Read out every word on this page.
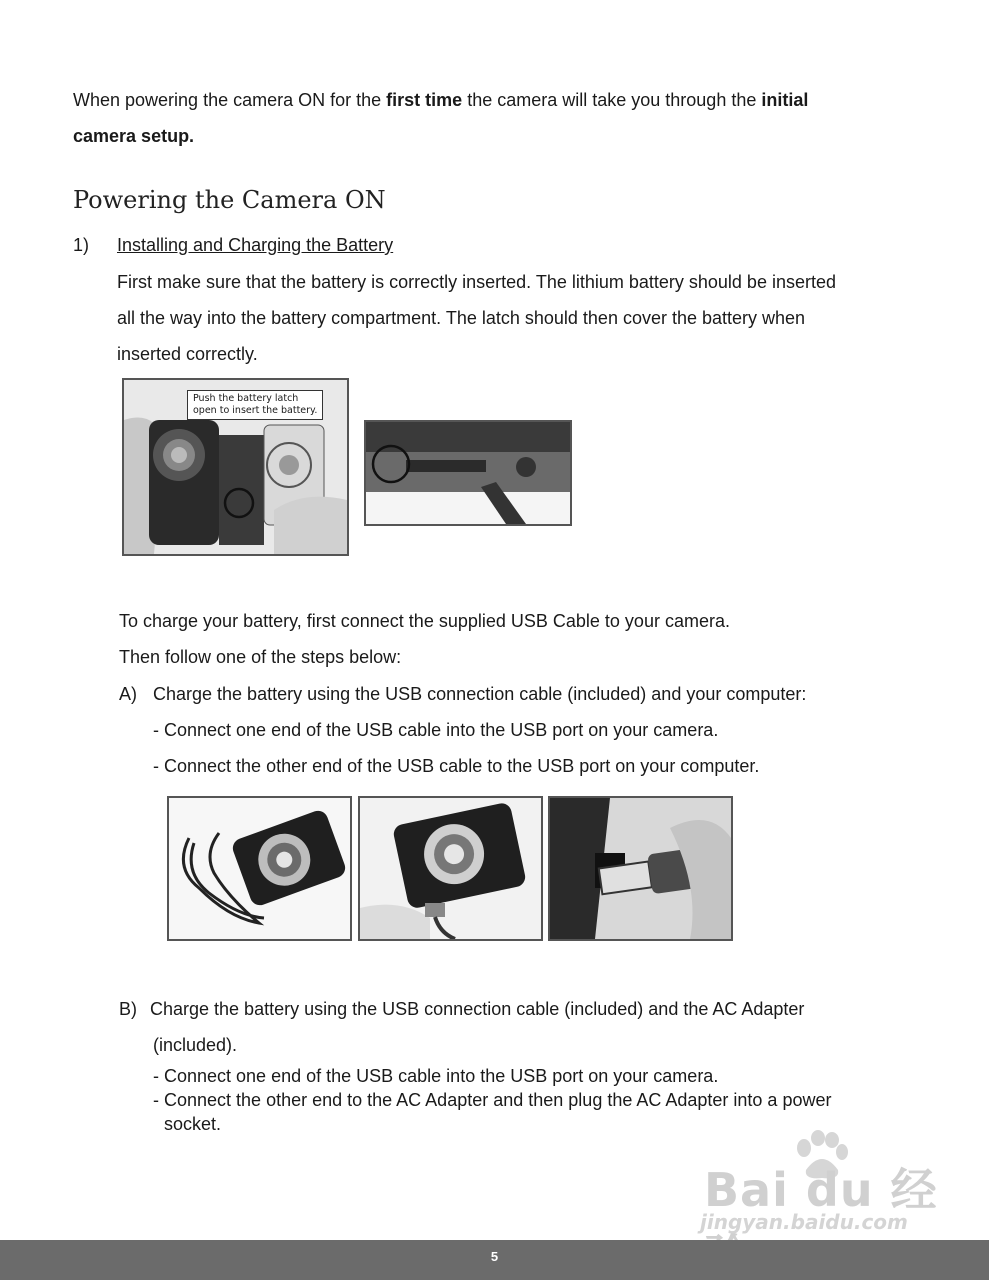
When powering the camera ON for the first time the camera will take you through the initial
camera setup.
Powering the Camera ON
1) Installing and Charging the Battery
First make sure that the battery is correctly inserted. The lithium battery should be inserted
all the way into the battery compartment. The latch should then cover the battery when
inserted correctly.
Push the battery latch
open to insert the battery.
To charge your battery, first connect the supplied USB Cable to your camera.
Then follow one of the steps below:
A) Charge the battery using the USB connection cable (included) and your computer:
- Connect one end of the USB cable into the USB port on your camera.
- Connect the other end of the USB cable to the USB port on your computer.
B) Charge the battery using the USB connection cable (included) and the AC Adapter
(included).
- Connect one end of the USB cable into the USB port on your camera.
- Connect the other end to the AC Adapter and then plug the AC Adapter into a power
socket.
Bai du 经
jingyan.baidu.com
5
